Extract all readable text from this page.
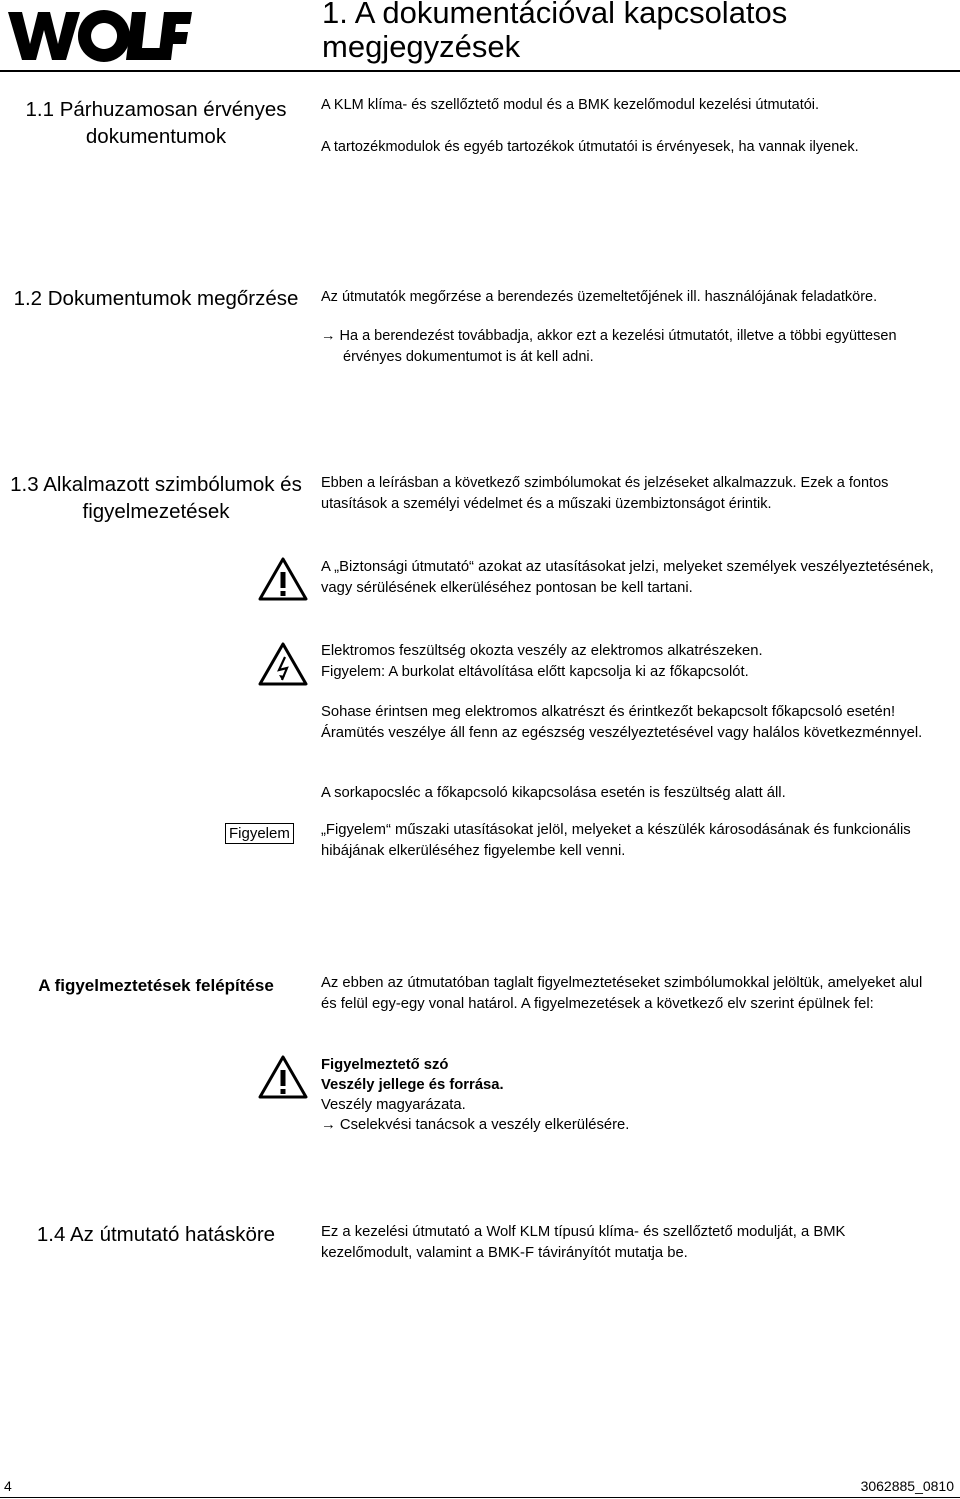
1. A dokumentációval kapcsolatos megjegyzések
1.1 Párhuzamosan érvényes dokumentumok

A KLM klíma- és szellőztető modul és a BMK kezelőmodul kezelési útmutatói.

A tartozékmodulok és egyéb tartozékok útmutatói is érvényesek, ha vannak ilyenek.

1.2 Dokumentumok megőrzése	Az útmutatók megőrzése a berendezés üzemeltetőjének ill. használójának feladatköre.

→ Ha a berendezést továbbadja, akkor ezt a kezelési útmutatót, illetve a többi együttesen érvényes dokumentumot is át kell adni.

1.3 Alkalmazott szimbólumok és figyelmezetések

Ebben a leírásban a következő szimbólumokat és jelzéseket alkalmazzuk. Ezek a fontos utasítások a személyi védelmet és a műszaki üzembiztonságot érintik.

A „Biztonsági útmutató“ azokat az utasításokat jelzi, melyeket személyek veszélyeztetésének, vagy sérülésének elkerüléséhez pontosan be kell tartani.

Elektromos feszültség okozta veszély az elektromos alkatrészeken.

Figyelem: A burkolat eltávolítása előtt kapcsolja ki az főkapcsolót.

Sohase érintsen meg elektromos alkatrészt és érintkezőt bekapcsolt főkapcsoló esetén! Áramütés veszélye áll fenn az egészség veszélyeztetésével vagy halálos következménnyel.

A sorkapocsléc a főkapcsoló kikapcsolása esetén is feszültség alatt áll.

Figyelem „Figyelem“ műszaki utasításokat jelöl, melyeket a készülék károsodásának és funkcionális hibájának elkerüléséhez figyelembe kell venni.

A figyelmeztetések felépítése	Az ebben az útmutatóban taglalt figyelmeztetéseket szimbólumokkal jelöltük, amelyeket alul és felül egy-egy vonal határol. A figyelmezetések a következő elv szerint épülnek fel:

Figyelmeztető szó

Veszély jellege és forrása.

Veszély magyarázata.

→ Cselekvési tanácsok a veszély elkerülésére.

1.4 Az útmutató hatásköre	Ez a kezelési útmutató a Wolf KLM típusú klíma- és szellőztető modulját, a BMK kezelőmodult, valamint a BMK-F távirányítót mutatja be.

4	3062885_0810
